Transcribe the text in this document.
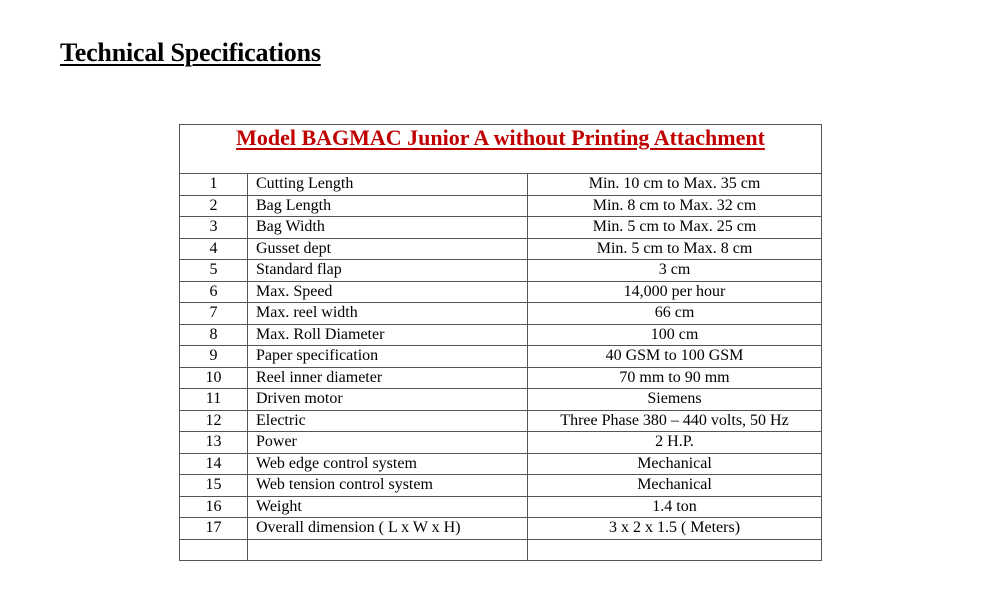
Technical Specifications
Model BAGMAC Junior A without Printing Attachment		
1	Cutting Length	Min. 10 cm to Max. 35 cm
2	Bag Length	Min. 8 cm to Max. 32 cm
3	Bag Width	Min. 5 cm to Max. 25 cm
4	Gusset dept	Min. 5 cm to Max. 8 cm
5	Standard flap	3 cm
6	Max. Speed	14,000 per hour
7	Max. reel width	66 cm
8	Max. Roll Diameter	100 cm
9	Paper specification	40 GSM to 100 GSM
10	Reel inner diameter	70 mm to 90 mm
11	Driven motor	Siemens
12	Electric	Three Phase 380 – 440 volts, 50 Hz
13	Power	2 H.P.
14	Web edge control system	Mechanical
15	Web tension control system	Mechanical
16	Weight	1.4 ton
17	Overall dimension ( L x W x H)	3 x 2 x 1.5 ( Meters)
